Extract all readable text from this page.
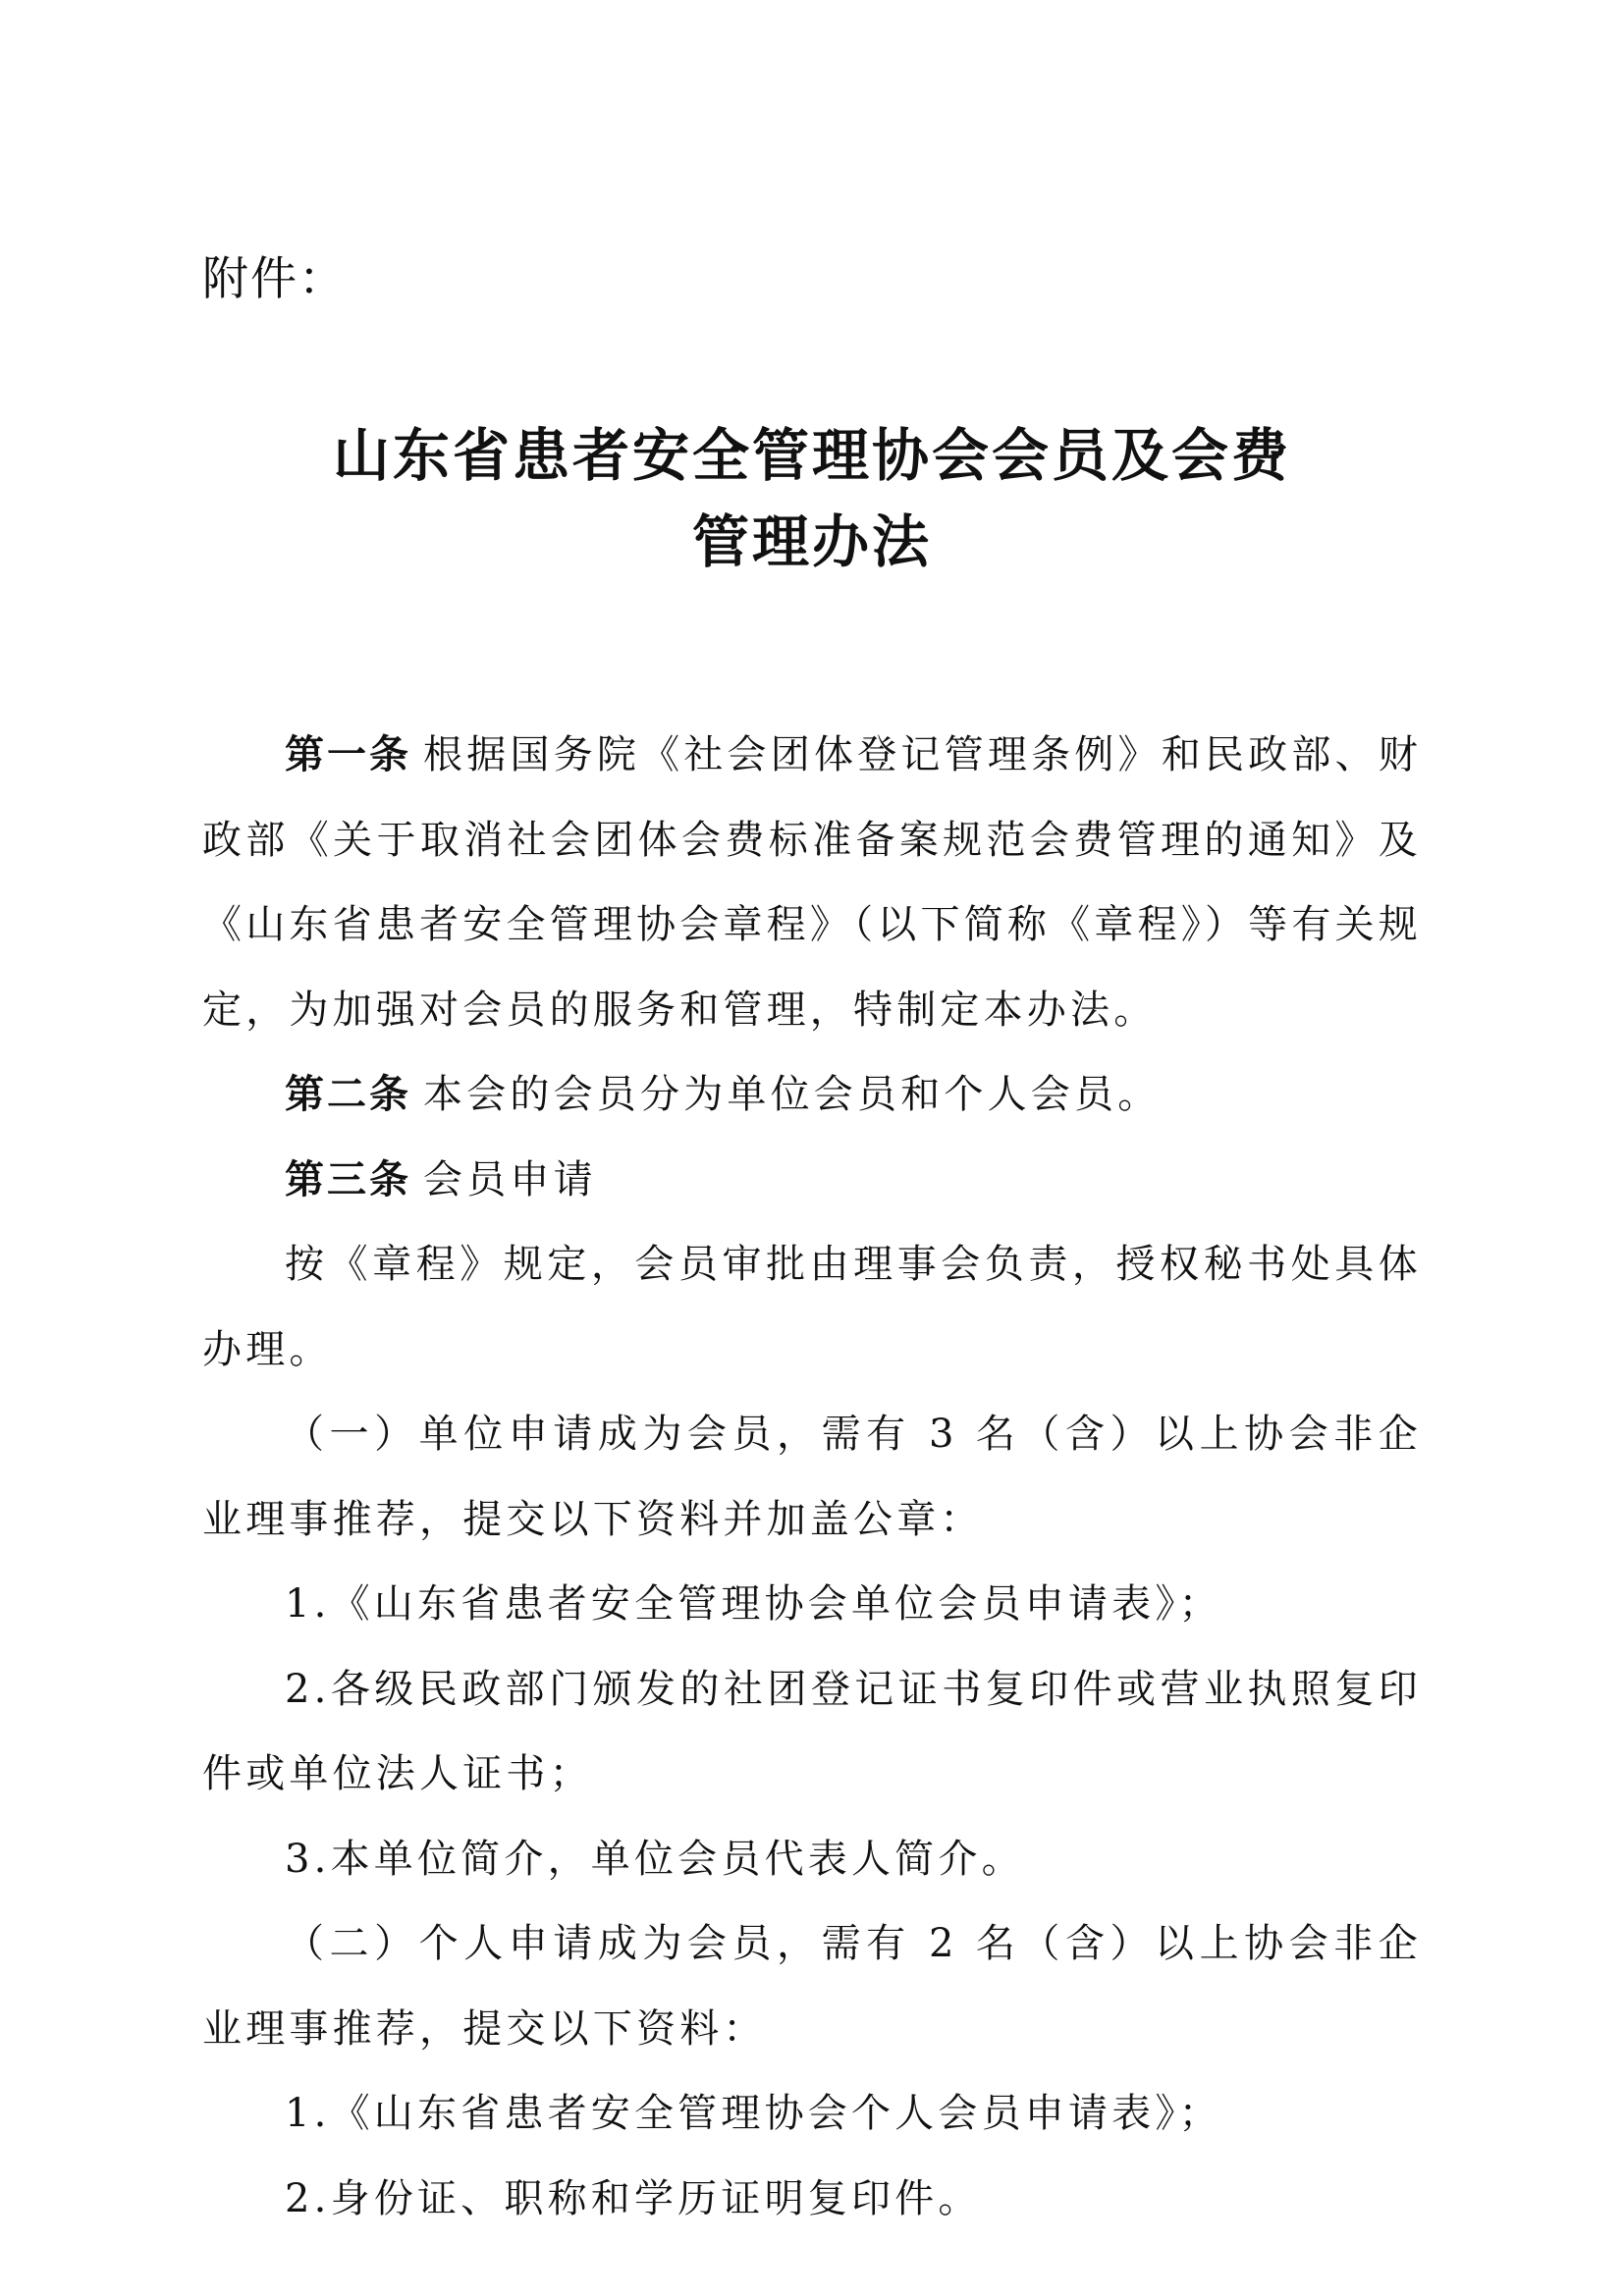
附件：
山东省患者安全管理协会会员及会费
管理办法

第一条 根据国务院《社会团体登记管理条例》和民政部、财政部《关于取消社会团体会费标准备案规范会费管理的通知》及《山东省患者安全管理协会章程》（以下简称《章程》）等有关规定，为加强对会员的服务和管理，特制定本办法。

第二条 本会的会员分为单位会员和个人会员。

第三条 会员申请

按《章程》规定，会员审批由理事会负责，授权秘书处具体办理。

（一）单位申请成为会员，需有 3 名（含）以上协会非企业理事推荐，提交以下资料并加盖公章：

1.《山东省患者安全管理协会单位会员申请表》；

2.各级民政部门颁发的社团登记证书复印件或营业执照复印件或单位法人证书；

3.本单位简介，单位会员代表人简介。

（二）个人申请成为会员，需有 2 名（含）以上协会非企业理事推荐，提交以下资料：

1.《山东省患者安全管理协会个人会员申请表》；

2.身份证、职称和学历证明复印件。
